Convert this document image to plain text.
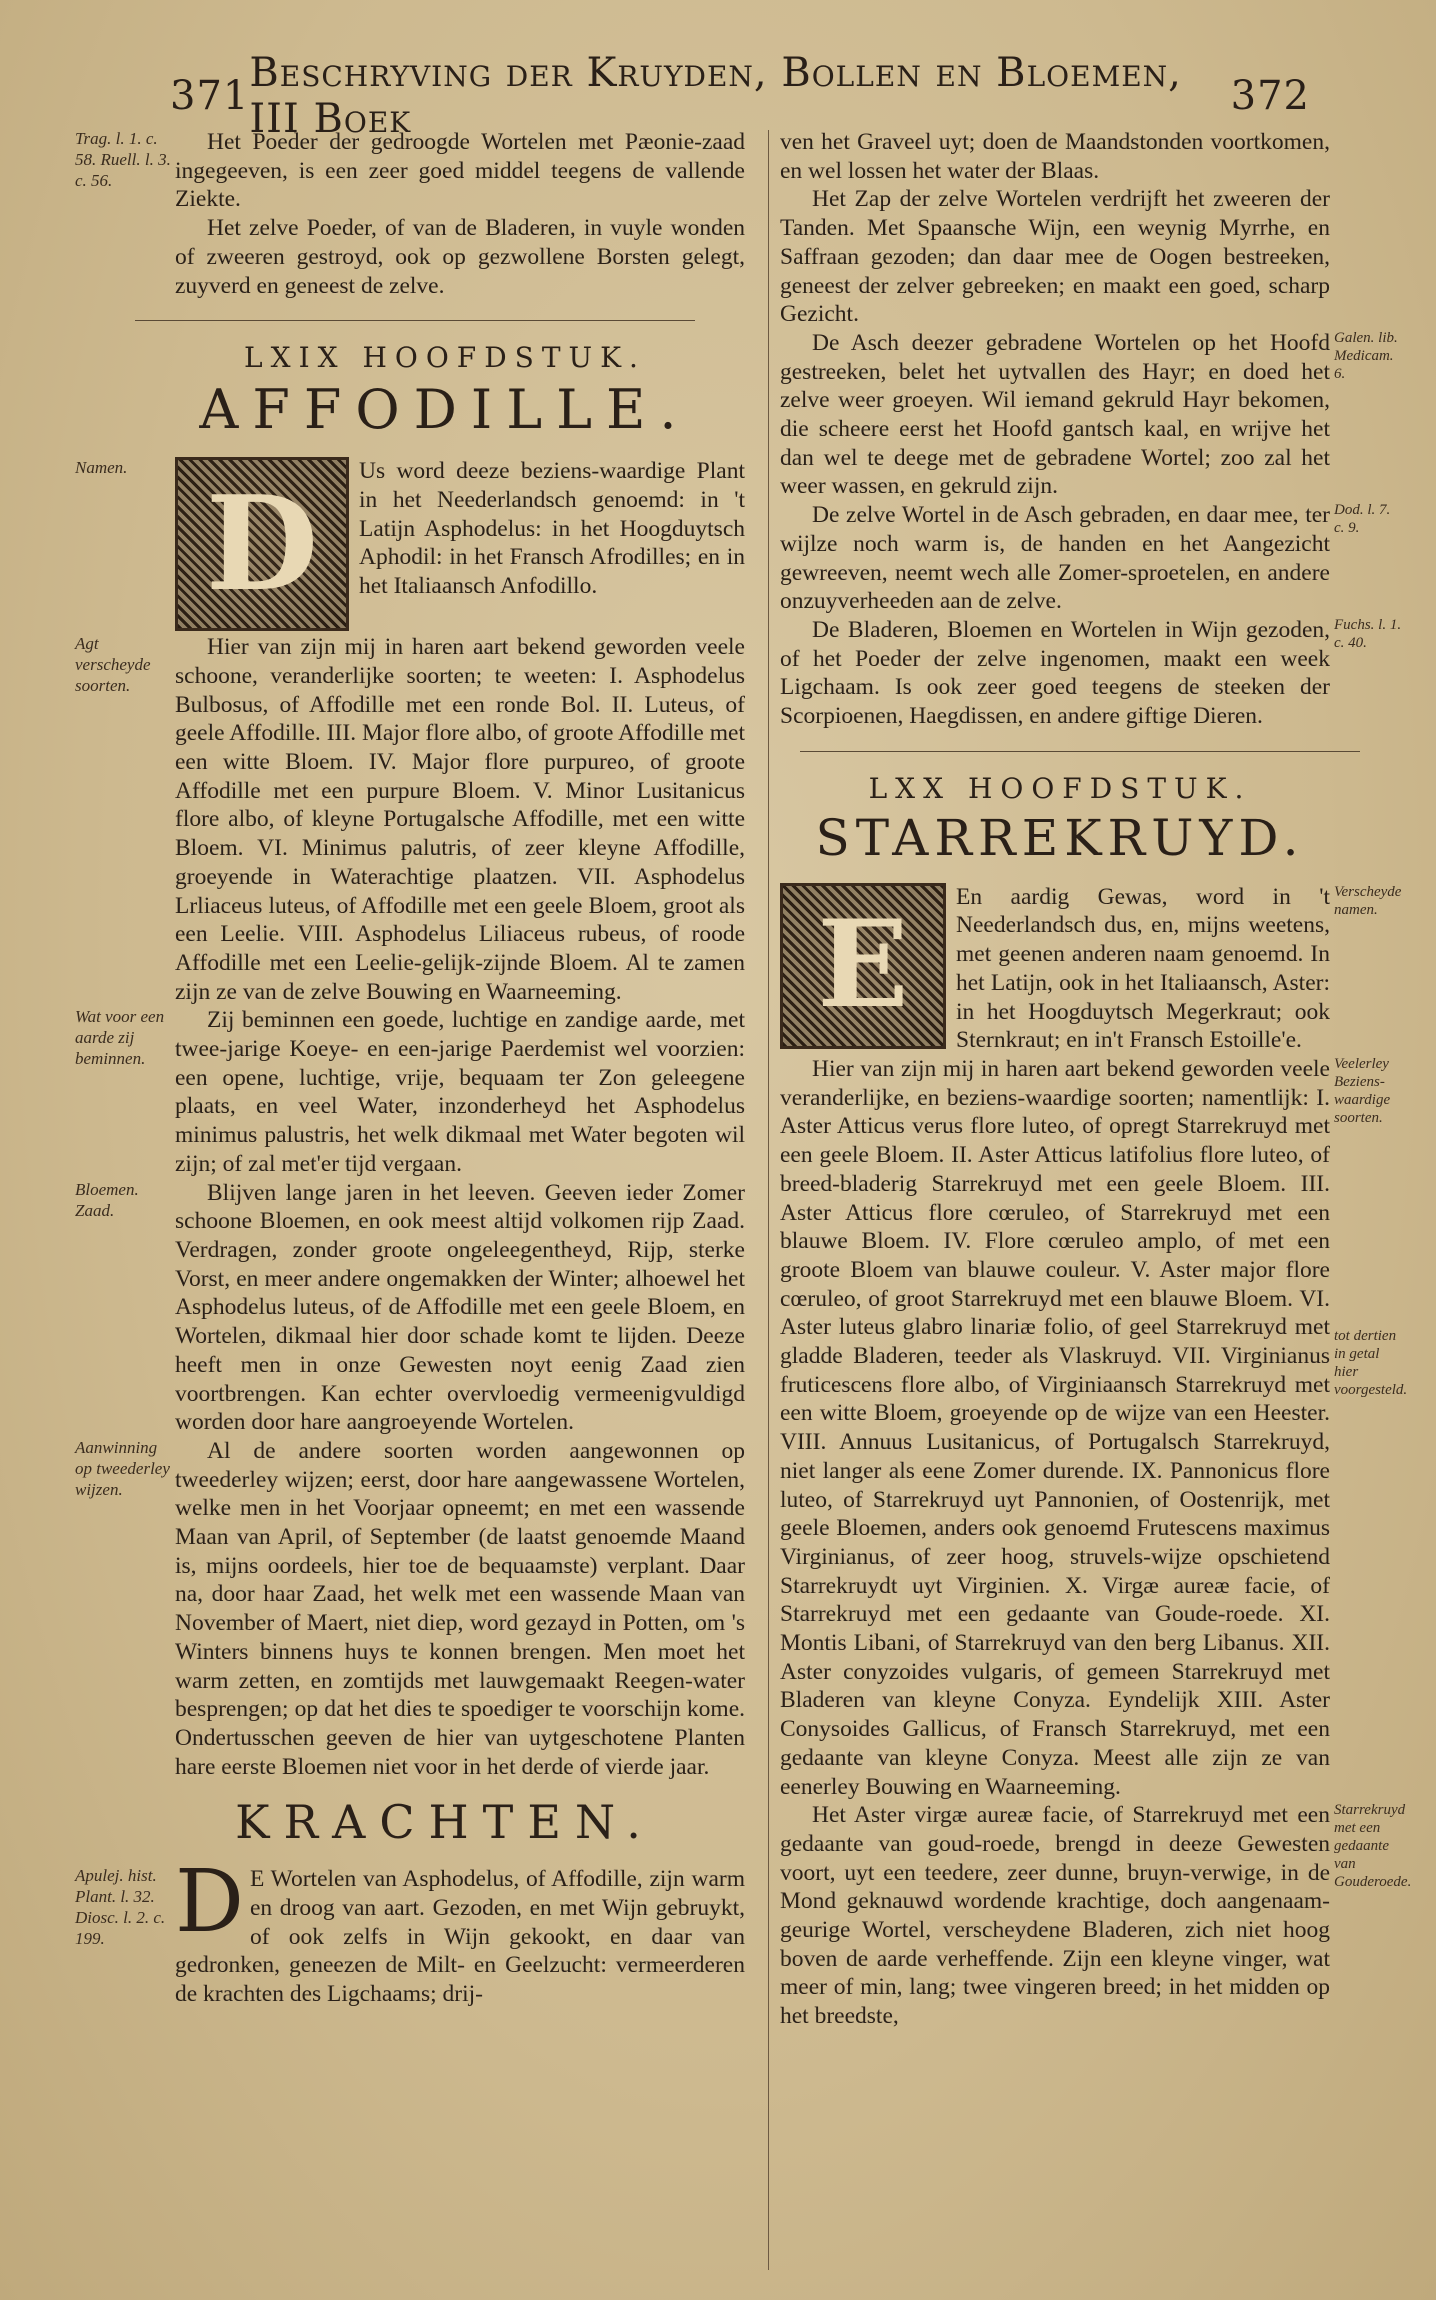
371 Beschryving der Kruyden, Bollen en Bloemen, III Boek	372
Trag. l. 1. c. 58. Ruell. l. 3. c. 56.

Het Poeder der gedroogde Wortelen met Pæonie-zaad ingegeeven, is een zeer goed middel teegens de vallende Ziekte.

Het zelve Poeder, of van de Bladeren, in vuyle wonden of zweeren gestroyd, ook op gezwollene Borsten gelegt, zuyverd en geneest de zelve.

LXIX HOOFDSTUK.
AFFODILLE.
Namen. D	Us word deeze beziens-waardige Plant in het Neederlandsch genoemd: in 't Latijn Asphodelus: in het Hoogduytsch Aphodil: in het Fransch Afrodilles; en in het Italiaansch Anfodillo.

Agt verscheyde soorten.

Hier van zijn mij in haren aart bekend geworden veele schoone, veranderlijke soorten; te weeten: I. Asphodelus Bulbosus, of Affodille met een ronde Bol. II. Luteus, of geele Affodille. III. Major flore albo, of groote Affodille met een witte Bloem. IV. Major flore purpureo, of groote Affodille met een purpure Bloem. V. Minor Lusitanicus flore albo, of kleyne Portugalsche Affodille, met een witte Bloem. VI. Minimus palutris, of zeer kleyne Affodille, groeyende in Waterachtige plaatzen. VII. Asphodelus Lrliaceus luteus, of Affodille met een geele Bloem, groot als een Leelie. VIII. Asphodelus Liliaceus rubeus, of roode Affodille met een Leelie-gelijk-zijnde Bloem. Al te zamen zijn ze van de zelve Bouwing en Waarneeming.

Wat voor een aarde zij beminnen.

Zij beminnen een goede, luchtige en zandige aarde, met twee-jarige Koeye- en een-jarige Paerdemist wel voorzien: een opene, luchtige, vrije, bequaam ter Zon geleegene plaats, en veel Water, inzonderheyd het Asphodelus minimus palustris, het welk dikmaal met Water begoten wil zijn; of zal met'er tijd vergaan.

Bloemen. Zaad.

Blijven lange jaren in het leeven. Geeven ieder Zomer schoone Bloemen, en ook meest altijd volkomen rijp Zaad. Verdragen, zonder groote ongeleegentheyd, Rijp, sterke Vorst, en meer andere ongemakken der Winter; alhoewel het Asphodelus luteus, of de Affodille met een geele Bloem, en Wortelen, dikmaal hier door schade komt te lijden. Deeze heeft men in onze Gewesten noyt eenig Zaad zien voortbrengen. Kan echter overvloedig vermeenigvuldigd worden door hare aangroeyende Wortelen.

Aanwinning op tweederley wijzen.

Al de andere soorten worden aangewonnen op tweederley wijzen; eerst, door hare aangewassene Wortelen, welke men in het Voorjaar opneemt; en met een wassende Maan van April, of September (de laatst genoemde Maand is, mijns oordeels, hier toe de bequaamste) verplant. Daar na, door haar Zaad, het welk met een wassende Maan van November of Maert, niet diep, word gezayd in Potten, om 's Winters binnens huys te konnen brengen. Men moet het warm zetten, en zomtijds met lauwgemaakt Reegen-water besprengen; op dat het dies te spoediger te voorschijn kome. Ondertusschen geeven de hier van uytgeschotene Planten hare eerste Bloemen niet voor in het derde of vierde jaar.

KRACHTEN.
Apulej. hist. Plant. l. 32. Diosc. l. 2. c. 199. D E Wortelen van Asphodelus, of Affodille, zijn warm en droog van aart. Gezoden, en met Wijn gebruykt, of ook zelfs in Wijn gekookt, en daar van gedronken, geneezen de Milt- en Geelzucht: vermeerderen de krachten des Ligchaams; drij-

ven het Graveel uyt; doen de Maandstonden voortkomen, en wel lossen het water der Blaas.

Het Zap der zelve Wortelen verdrijft het zweeren der Tanden. Met Spaansche Wijn, een weynig Myrrhe, en Saffraan gezoden; dan daar mee de Oogen bestreeken, geneest der zelver gebreeken; en maakt een goed, scharp Gezicht.

De Asch deezer gebradene Wortelen op het Hoofd gestreeken, belet het uytvallen des Hayr; en doed het zelve weer groeyen. Wil iemand gekruld Hayr bekomen, die scheere eerst het Hoofd gantsch kaal, en wrijve het dan wel te deege met de gebradene Wortel; zoo zal het weer wassen, en gekruld zijn.

Galen. lib. Medicam. 6.

De zelve Wortel in de Asch gebraden, en daar mee, ter wijlze noch warm is, de handen en het Aangezicht gewreeven, neemt wech alle Zomer-sproetelen, en andere onzuyverheeden aan de zelve.

Dod. l. 7. c. 9.

De Bladeren, Bloemen en Wortelen in Wijn gezoden, of het Poeder der zelve ingenomen, maakt een week Ligchaam. Is ook zeer goed teegens de steeken der Scorpioenen, Haegdissen, en andere giftige Dieren.

Fuchs. l. 1. c. 40.
LXX HOOFDSTUK.
STARREKRUYD.
E	En aardig Gewas, word in 't Neederlandsch dus, en, mijns weetens, met geenen anderen naam genoemd. In het Latijn, ook in het Italiaansch, Aster: in het Hoogduytsch Megerkraut; ook Sternkraut; en in't Fransch Estoille'e.

Verscheyde namen.

Hier van zijn mij in haren aart bekend geworden veele veranderlijke, en beziens-waardige soorten; namentlijk: I. Aster Atticus verus flore luteo, of opregt Starrekruyd met een geele Bloem. II. Aster Atticus latifolius flore luteo, of breed-bladerig Starrekruyd met een geele Bloem. III. Aster Atticus flore cœruleo, of Starrekruyd met een blauwe Bloem. IV. Flore cœruleo amplo, of met een groote Bloem van blauwe couleur. V. Aster major flore cœruleo, of groot Starrekruyd met een blauwe Bloem. VI. Aster luteus glabro linariæ folio, of geel Starrekruyd met gladde Bladeren, teeder als Vlaskruyd. VII. Virginianus fruticescens flore albo, of Virginiaansch Starrekruyd met een witte Bloem, groeyende op de wijze van een Heester. VIII. Annuus Lusitanicus, of Portugalsch Starrekruyd, niet langer als eene Zomer durende. IX. Pannonicus flore luteo, of Starrekruyd uyt Pannonien, of Oostenrijk, met geele Bloemen, anders ook genoemd Frutescens maximus Virginianus, of zeer hoog, struvels-wijze opschietend Starrekruydt uyt Virginien. X. Virgæ aureæ facie, of Starrekruyd met een gedaante van Goude-roede. XI. Montis Libani, of Starrekruyd van den berg Libanus. XII. Aster conyzoides vulgaris, of gemeen Starrekruyd met Bladeren van kleyne Conyza. Eyndelijk XIII. Aster Conysoides Gallicus, of Fransch Starrekruyd, met een gedaante van kleyne Conyza. Meest alle zijn ze van eenerley Bouwing en Waarneeming.

Veelerley Beziens-waardige soorten.
tot dertien in getal hier voorgesteld.

Het Aster virgæ aureæ facie, of Starrekruyd met een gedaante van goud-roede, brengd in deeze Gewesten voort, uyt een teedere, zeer dunne, bruyn-verwige, in de Mond geknauwd wordende krachtige, doch aangenaam-geurige Wortel, verscheydene Bladeren, zich niet hoog boven de aarde verheffende. Zijn een kleyne vinger, wat meer of min, lang; twee vingeren breed; in het midden op het breedste,

Starrekruyd met een gedaante van Gouderoede.
